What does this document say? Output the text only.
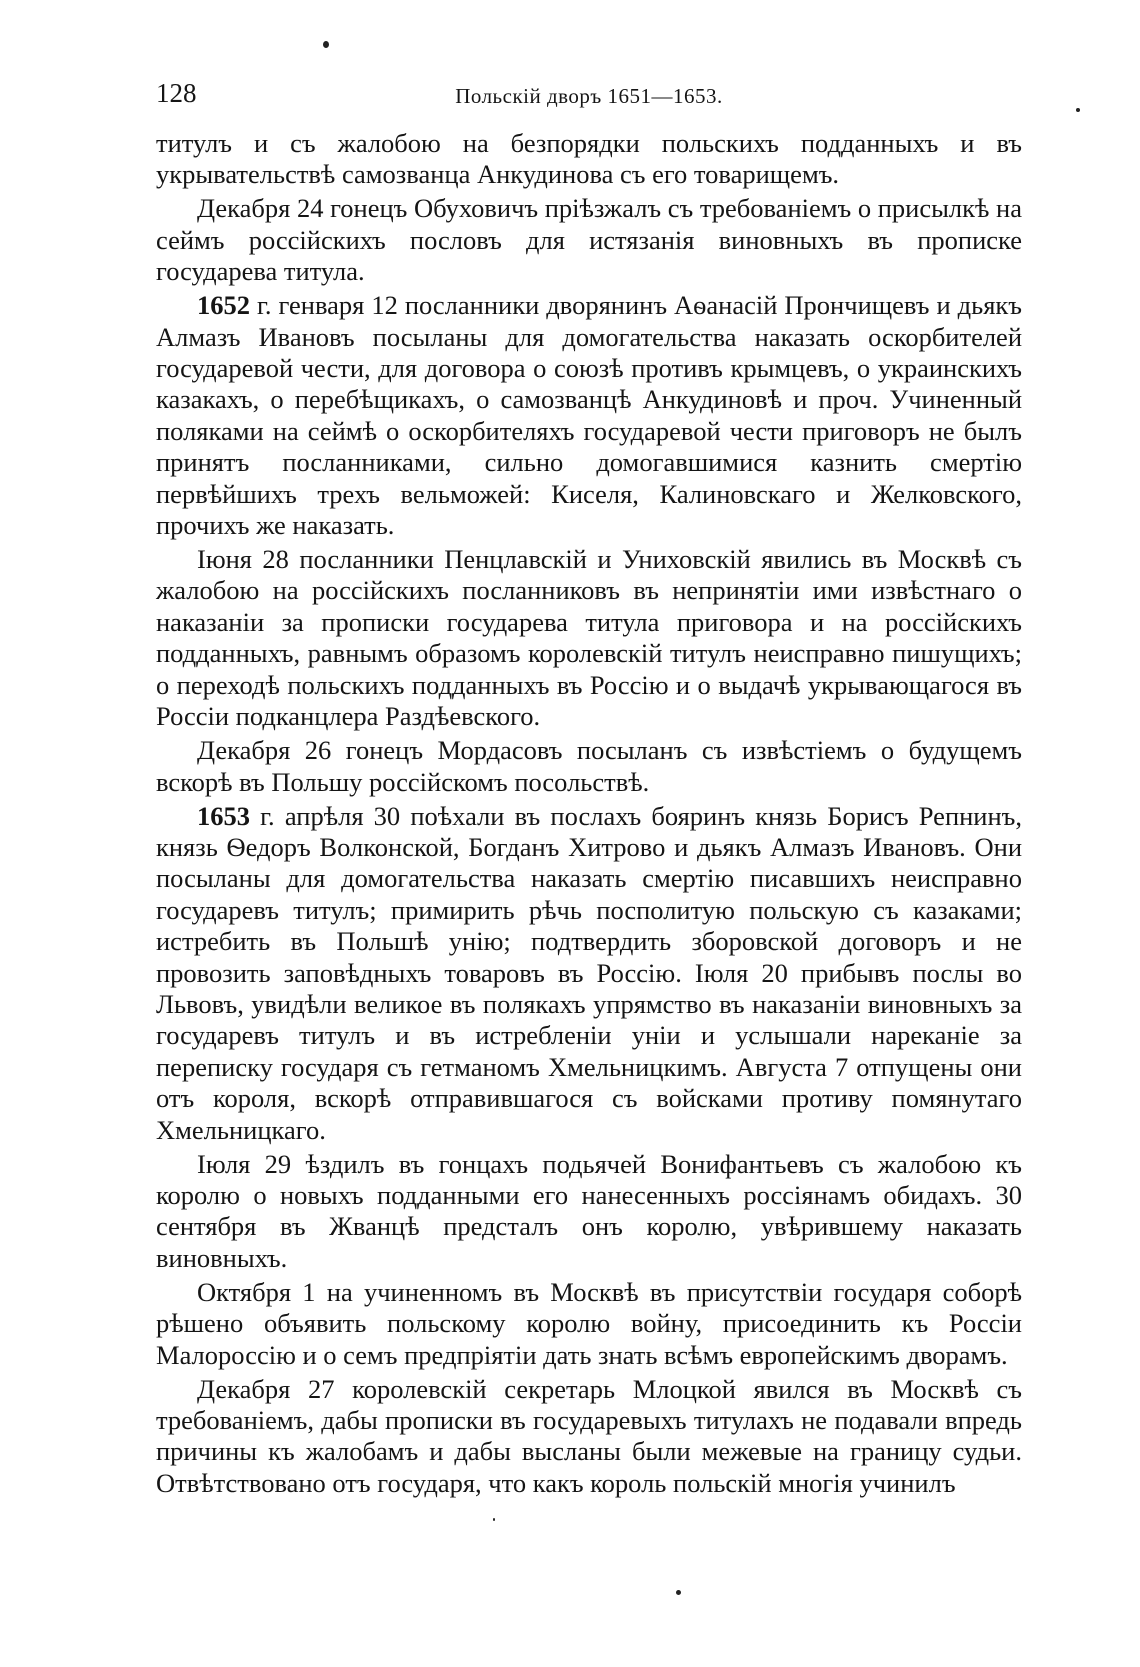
128	Польскій дворъ 1651—1653.

титулъ и съ жалобою на безпорядки польскихъ подданныхъ и въ укрывательствѣ самозванца Анкудинова съ его товарищемъ.

Декабря 24 гонецъ Обуховичъ пріѣзжалъ съ требованіемъ о присылкѣ на сеймъ россійскихъ пословъ для истязанія виновныхъ въ прописке государева титула.

1652 г. генваря 12 посланники дворянинъ Аѳанасій Прончищевъ и дьякъ Алмазъ Ивановъ посыланы для домогательства наказать оскорбителей государевой чести, для договора о союзѣ противъ крымцевъ, о украинскихъ казакахъ, о перебѣщикахъ, о самозванцѣ Анкудиновѣ и проч. Учиненный поляками на сеймѣ о оскорбителяхъ государевой чести приговоръ не былъ принятъ посланниками, сильно домогавшимися казнить смертію первѣйшихъ трехъ вельможей: Киселя, Калиновскаго и Желковского, прочихъ же наказать.

Іюня 28 посланники Пенцлавскій и Униховскій явились въ Москвѣ съ жалобою на россійскихъ посланниковъ въ непринятіи ими извѣстнаго о наказаніи за прописки государева титула приговора и на россійскихъ подданныхъ, равнымъ образомъ королевскій титулъ неисправно пишущихъ; о переходѣ польскихъ подданныхъ въ Россію и о выдачѣ укрывающагося въ Россіи подканцлера Раздѣевского.

Декабря 26 гонецъ Мордасовъ посыланъ съ извѣстіемъ о будущемъ вскорѣ въ Польшу россійскомъ посольствѣ.

1653 г. апрѣля 30 поѣхали въ послахъ бояринъ князь Борисъ Репнинъ, князь Ѳедоръ Волконской, Богданъ Хитрово и дьякъ Алмазъ Ивановъ. Они посыланы для домогательства наказать смертію писавшихъ неисправно государевъ титулъ; примирить рѣчь посполитую польскую съ казаками; истребить въ Польшѣ унію; подтвердить зборовской договоръ и не провозить заповѣдныхъ товаровъ въ Россію. Іюля 20 прибывъ послы во Львовъ, увидѣли великое въ полякахъ упрямство въ наказаніи виновныхъ за государевъ титулъ и въ истребленіи уніи и услышали нареканіе за переписку государя съ гетманомъ Хмельницкимъ. Августа 7 отпущены они отъ короля, вскорѣ отправившагося съ войсками противу помянутаго Хмельницкаго.

Іюля 29 ѣздилъ въ гонцахъ подьячей Вонифантьевъ съ жалобою къ королю о новыхъ подданными его нанесенныхъ россіянамъ обидахъ. 30 сентября въ Жванцѣ предсталъ онъ королю, увѣрившему наказать виновныхъ.

Октября 1 на учиненномъ въ Москвѣ въ присутствіи государя соборѣ рѣшено объявить польскому королю войну, присоединить къ Россіи Малороссію и о семъ предпріятіи дать знать всѣмъ европейскимъ дворамъ.

Декабря 27 королевскій секретарь Млоцкой явился въ Москвѣ съ требованіемъ, дабы прописки въ государевыхъ титулахъ не подавали впредь причины къ жалобамъ и дабы высланы были межевые на границу судьи. Отвѣтствовано отъ государя, что какъ король польскій многія учинилъ
